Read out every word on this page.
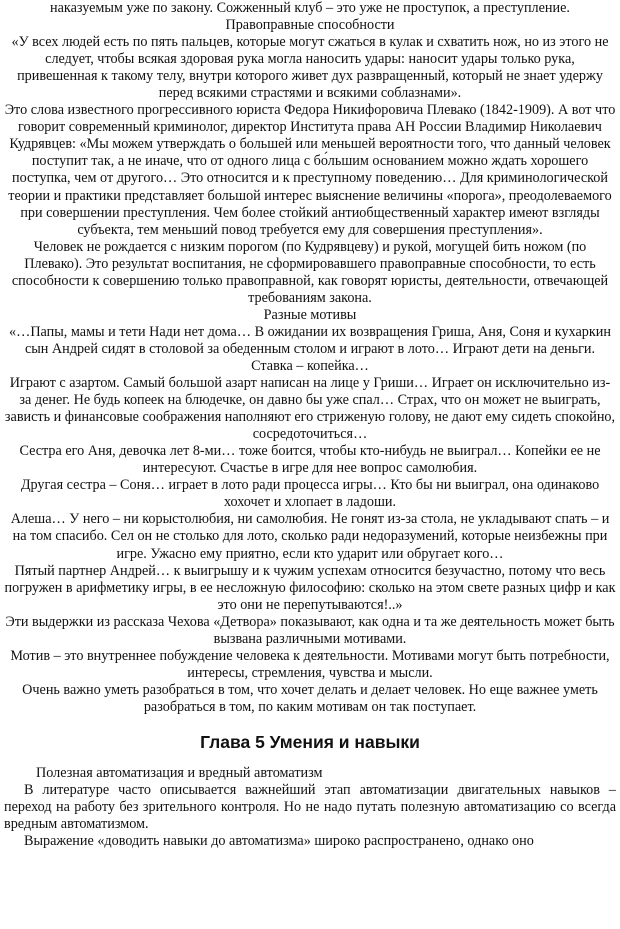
наказуемым уже по закону. Сожженный клуб – это уже не проступок, а преступление.

Правоправные способности

«У всех людей есть по пять пальцев, которые могут сжаться в кулак и схватить нож, но из этого не следует, чтобы всякая здоровая рука могла наносить удары: наносит удары только рука, привешенная к такому телу, внутри которого живет дух развращенный, который не знает удержу перед всякими страстями и всякими соблазнами».

Это слова известного прогрессивного юриста Федора Никифоровича Плевако (1842-1909). А вот что говорит современный криминолог, директор Института права АН России Владимир Николаевич Кудрявцев: «Мы можем утверждать о большей или меньшей вероятности того, что данный человек поступит так, а не иначе, что от одного лица с бо́льшим основанием можно ждать хорошего поступка, чем от другого… Это относится и к преступному поведению… Для криминологической теории и практики представляет большой интерес выяснение величины «порога», преодолеваемого при совершении преступления. Чем более стойкий антиобщественный характер имеют взгляды субъекта, тем меньший повод требуется ему для совершения преступления».

Человек не рождается с низким порогом (по Кудрявцеву) и рукой, могущей бить ножом (по Плевако). Это результат воспитания, не сформировавшего правоправные способности, то есть способности к совершению только правоправной, как говорят юристы, деятельности, отвечающей требованиям закона.

Разные мотивы

«…Папы, мамы и тети Нади нет дома… В ожидании их возвращения Гриша, Аня, Соня и кухаркин сын Андрей сидят в столовой за обеденным столом и играют в лото… Играют дети на деньги. Ставка – копейка…

Играют с азартом. Самый большой азарт написан на лице у Гриши… Играет он исключительно из-за денег. Не будь копеек на блюдечке, он давно бы уже спал… Страх, что он может не выиграть, зависть и финансовые соображения наполняют его стриженую голову, не дают ему сидеть спокойно, сосредоточиться…

Сестра его Аня, девочка лет 8-ми… тоже боится, чтобы кто-нибудь не выиграл… Копейки ее не интересуют. Счастье в игре для нее вопрос самолюбия.

Другая сестра – Соня… играет в лото ради процесса игры… Кто бы ни выиграл, она одинаково хохочет и хлопает в ладоши.

Алеша… У него – ни корыстолюбия, ни самолюбия. Не гонят из-за стола, не укладывают спать – и на том спасибо. Сел он не столько для лото, сколько ради недоразумений, которые неизбежны при игре. Ужасно ему приятно, если кто ударит или обругает кого…

Пятый партнер Андрей… к выигрышу и к чужим успехам относится безучастно, потому что весь погружен в арифметику игры, в ее несложную философию: сколько на этом свете разных цифр и как это они не перепутываются!..»

Эти выдержки из рассказа Чехова «Детвора» показывают, как одна и та же деятельность может быть вызвана различными мотивами.

Мотив – это внутреннее побуждение человека к деятельности. Мотивами могут быть потребности, интересы, стремления, чувства и мысли.

Очень важно уметь разобраться в том, что хочет делать и делает человек. Но еще важнее уметь разобраться в том, по каким мотивам он так поступает.

Глава 5 Умения и навыки

Полезная автоматизация и вредный автоматизм

В литературе часто описывается важнейший этап автоматизации двигательных навыков – переход на работу без зрительного контроля. Но не надо путать полезную автоматизацию со всегда вредным автоматизмом.

Выражение «доводить навыки до автоматизма» широко распространено, однако оно
